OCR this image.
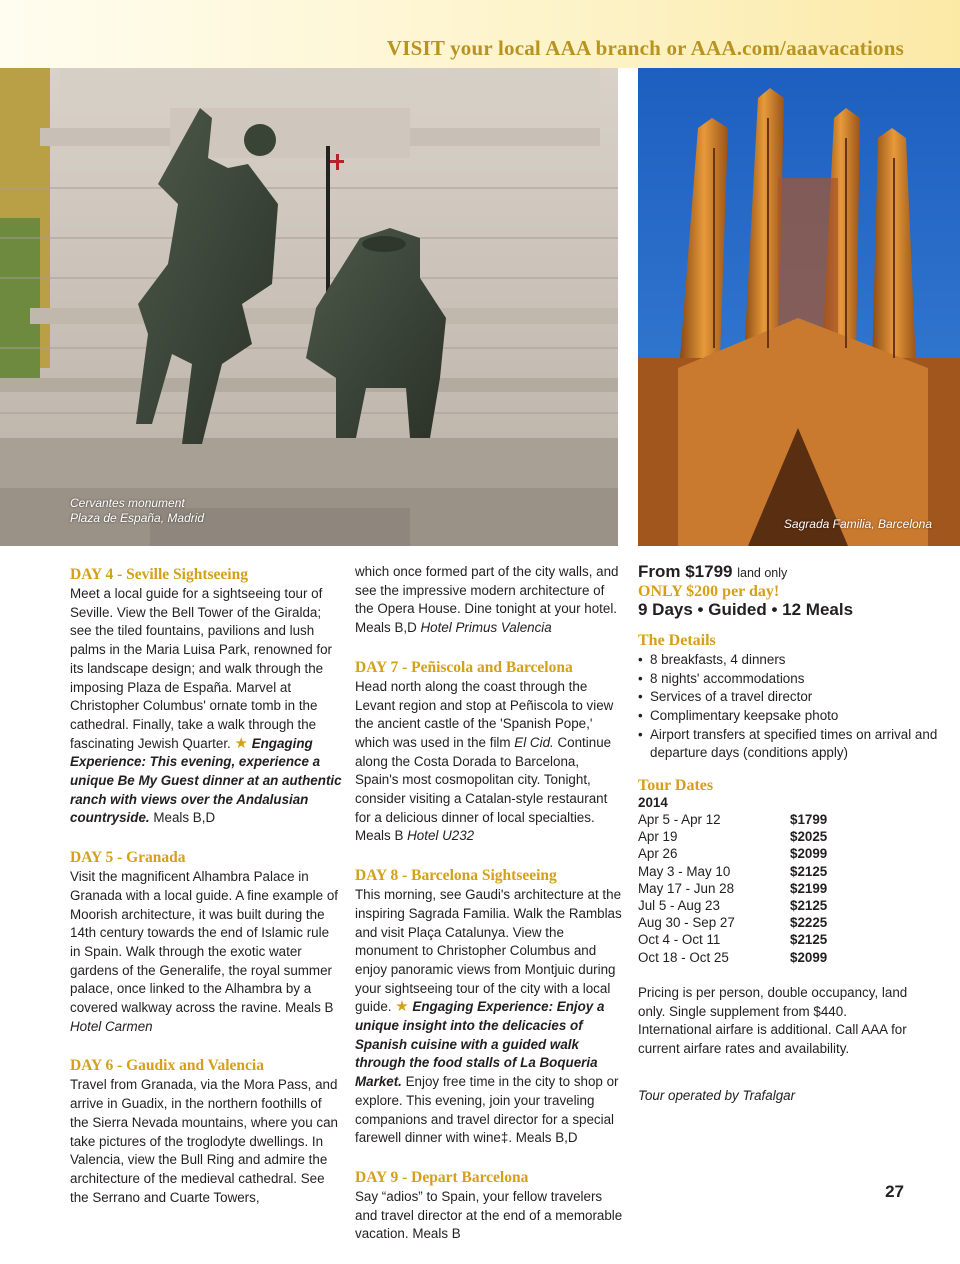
VISIT your local AAA branch or AAA.com/aaavacations
Cervantes monument
Plaza de España, Madrid	Sagrada Familia, Barcelona
DAY 4 - Seville Sightseeing

Meet a local guide for a sightseeing tour of Seville. View the Bell Tower of the Giralda; see the tiled fountains, pavilions and lush palms in the Maria Luisa Park, renowned for its landscape design; and walk through the imposing Plaza de España. Marvel at Christopher Columbus' ornate tomb in the cathedral. Finally, take a walk through the fascinating Jewish Quarter. ★ Engaging Experience: This evening, experience a unique Be My Guest dinner at an authentic ranch with views over the Andalusian countryside. Meals B,D

DAY 5 - Granada

Visit the magnificent Alhambra Palace in Granada with a local guide. A fine example of Moorish architecture, it was built during the 14th century towards the end of Islamic rule in Spain. Walk through the exotic water gardens of the Generalife, the royal summer palace, once linked to the Alhambra by a covered walkway across the ravine. Meals B Hotel Carmen

DAY 6 - Gaudix and Valencia

Travel from Granada, via the Mora Pass, and arrive in Guadix, in the northern foothills of the Sierra Nevada mountains, where you can take pictures of the troglodyte dwellings. In Valencia, view the Bull Ring and admire the architecture of the medieval cathedral. See the Serrano and Cuarte Towers,

which once formed part of the city walls, and see the impressive modern architecture of the Opera House. Dine tonight at your hotel. Meals B,D Hotel Primus Valencia

DAY 7 - Peñiscola and Barcelona

Head north along the coast through the Levant region and stop at Peñiscola to view the ancient castle of the 'Spanish Pope,' which was used in the film El Cid. Continue along the Costa Dorada to Barcelona, Spain's most cosmopolitan city. Tonight, consider visiting a Catalan-style restaurant for a delicious dinner of local specialties. Meals B Hotel U232

DAY 8 - Barcelona Sightseeing

This morning, see Gaudi's architecture at the inspiring Sagrada Familia. Walk the Ramblas and visit Plaça Catalunya. View the monument to Christopher Columbus and enjoy panoramic views from Montjuic during your sightseeing tour of the city with a local guide. ★ Engaging Experience: Enjoy a unique insight into the delicacies of Spanish cuisine with a guided walk through the food stalls of La Boqueria Market. Enjoy free time in the city to shop or explore. This evening, join your traveling companions and travel director for a special farewell dinner with wine‡. Meals B,D

DAY 9 - Depart Barcelona

Say “adios” to Spain, your fellow travelers and travel director at the end of a memorable vacation. Meals B

From $1799 land only
ONLY $200 per day!
9 Days • Guided • 12 Meals
The Details
• 8 breakfasts, 4 dinners
• 8 nights' accommodations
• Services of a travel director
• Complimentary keepsake photo
• Airport transfers at specified times on arrival and departure days (conditions apply)
Tour Dates
2014
Apr 5 - Apr 12	$1799
Apr 19	$2025
Apr 26	$2099
May 3 - May 10	$2125
May 17 - Jun 28	$2199
Jul 5 - Aug 23	$2125
Aug 30 - Sep 27	$2225
Oct 4 - Oct 11	$2125
Oct 18 - Oct 25	$2099

Pricing is per person, double occupancy, land only. Single supplement from $440. International airfare is additional. Call AAA for current airfare rates and availability.

Tour operated by Trafalgar

27
